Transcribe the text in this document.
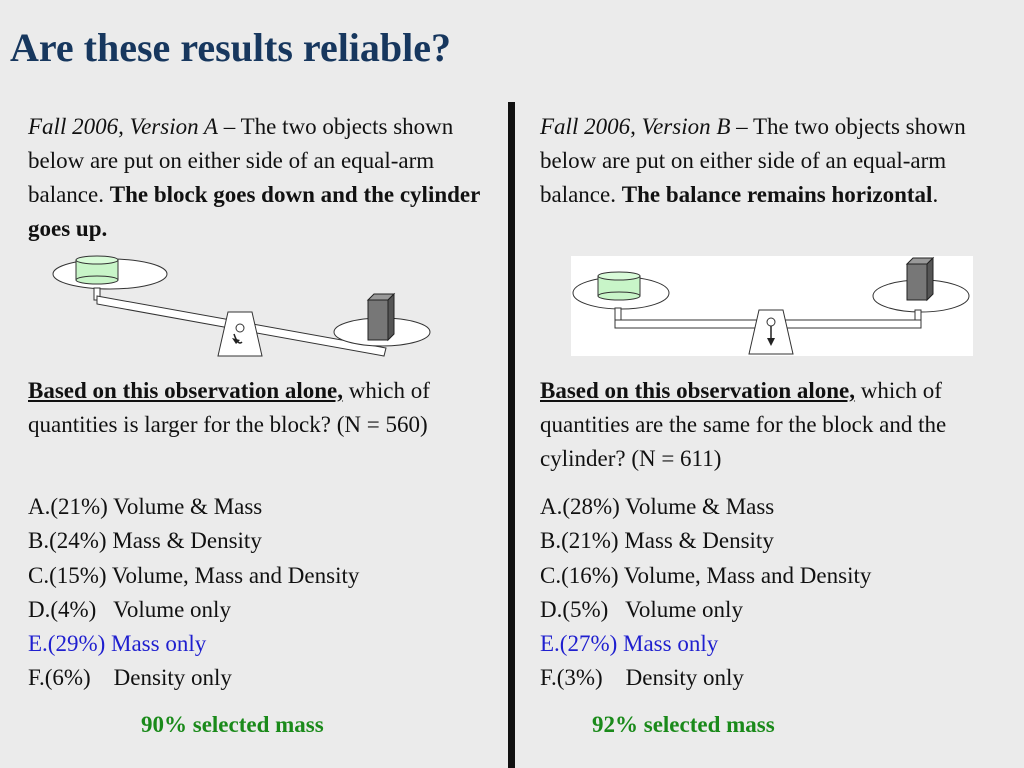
Are these results reliable?

Fall 2006, Version A – The two objects shown below are put on either side of an equal-arm balance. The block goes down and the cylinder goes up.

Based on this observation alone, which of quantities is larger for the block? (N = 560)
A.(21%) Volume & Mass
B.(24%) Mass & Density
C.(15%) Volume, Mass and Density
D.(4%)   Volume only
E.(29%) Mass only
F.(6%)    Density only
90% selected mass

Fall 2006, Version B – The two objects shown below are put on either side of an equal-arm balance. The balance remains horizontal.

Based on this observation alone, which of quantities are the same for the block and the cylinder? (N = 611)
A.(28%) Volume & Mass
B.(21%) Mass & Density
C.(16%) Volume, Mass and Density
D.(5%)   Volume only
E.(27%) Mass only
F.(3%)    Density only
92% selected mass
